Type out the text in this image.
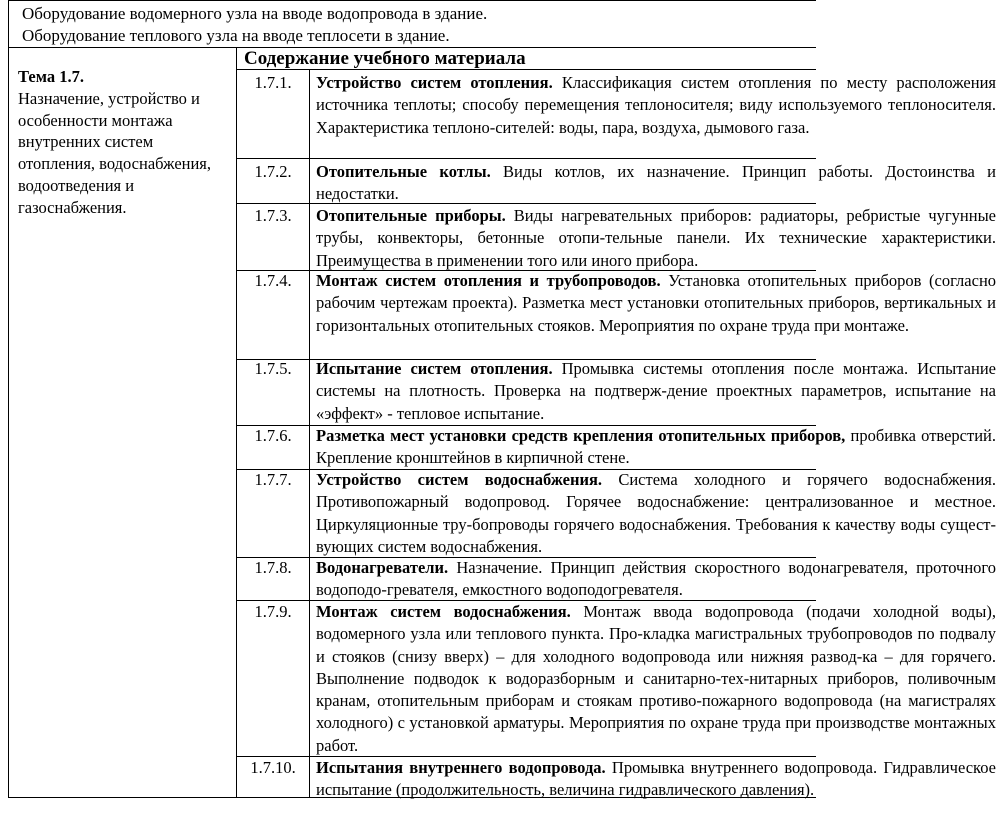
Оборудование водомерного узла на вводе водопровода в здание.
Оборудование теплового узла на вводе теплосети в здание.
Тема 1.7.
Назначение, устройство и особенности монтажа внутренних систем отопления, водоснабжения, водоотведения и газоснабжения.
Содержание учебного материала
1.7.1.	Устройство систем отопления. Классификация систем отопления по месту расположения источника теплоты; способу перемещения теплоносителя; виду используемого теплоносителя. Характеристика теплоно-сителей: воды, пара, воздуха, дымового газа.
1.7.2.	Отопительные котлы. Виды котлов, их назначение. Принцип работы. Достоинства и недостатки.
1.7.3.	Отопительные приборы. Виды нагревательных приборов: радиаторы, ребристые чугунные трубы, конвекторы, бетонные отопи-тельные панели. Их технические характеристики. Преимущества в применении того или иного прибора.
1.7.4.	Монтаж систем отопления и трубопроводов. Установка отопительных приборов (согласно рабочим чертежам проекта). Разметка мест установки отопительных приборов, вертикальных и горизонтальных отопительных стояков. Мероприятия по охране труда при монтаже.
1.7.5.	Испытание систем отопления. Промывка системы отопления после монтажа. Испытание системы на плотность. Проверка на подтверж-дение проектных параметров, испытание на «эффект» - тепловое испытание.
1.7.6.	Разметка мест установки средств крепления отопительных приборов, пробивка отверстий. Крепление кронштейнов в кирпичной стене.
1.7.7.	Устройство систем водоснабжения. Система холодного и горячего водоснабжения. Противопожарный водопровод. Горячее водоснабжение: централизованное и местное. Циркуляционные тру-бопроводы горячего водоснабжения. Требования к качеству воды сущест-вующих систем водоснабжения.
1.7.8.	Водонагреватели. Назначение. Принцип действия скоростного водонагревателя, проточного водоподо-гревателя, емкостного водоподогревателя.
1.7.9.	Монтаж систем водоснабжения. Монтаж ввода водопровода (подачи холодной воды), водомерного узла или теплового пункта. Про-кладка магистральных трубопроводов по подвалу и стояков (снизу вверх) – для холодного водопровода или нижняя развод-ка – для горячего. Выполнение подводок к водоразборным и санитарно-тех-нитарных приборов, поливочным кранам, отопительным приборам и стоякам противо-пожарного водопровода (на магистралях холодного) с установкой арматуры. Мероприятия по охране труда при производстве монтажных работ.
1.7.10.	Испытания внутреннего водопровода. Промывка внутреннего водопровода. Гидравлическое испытание (продолжительность, величина гидравлического давления).
